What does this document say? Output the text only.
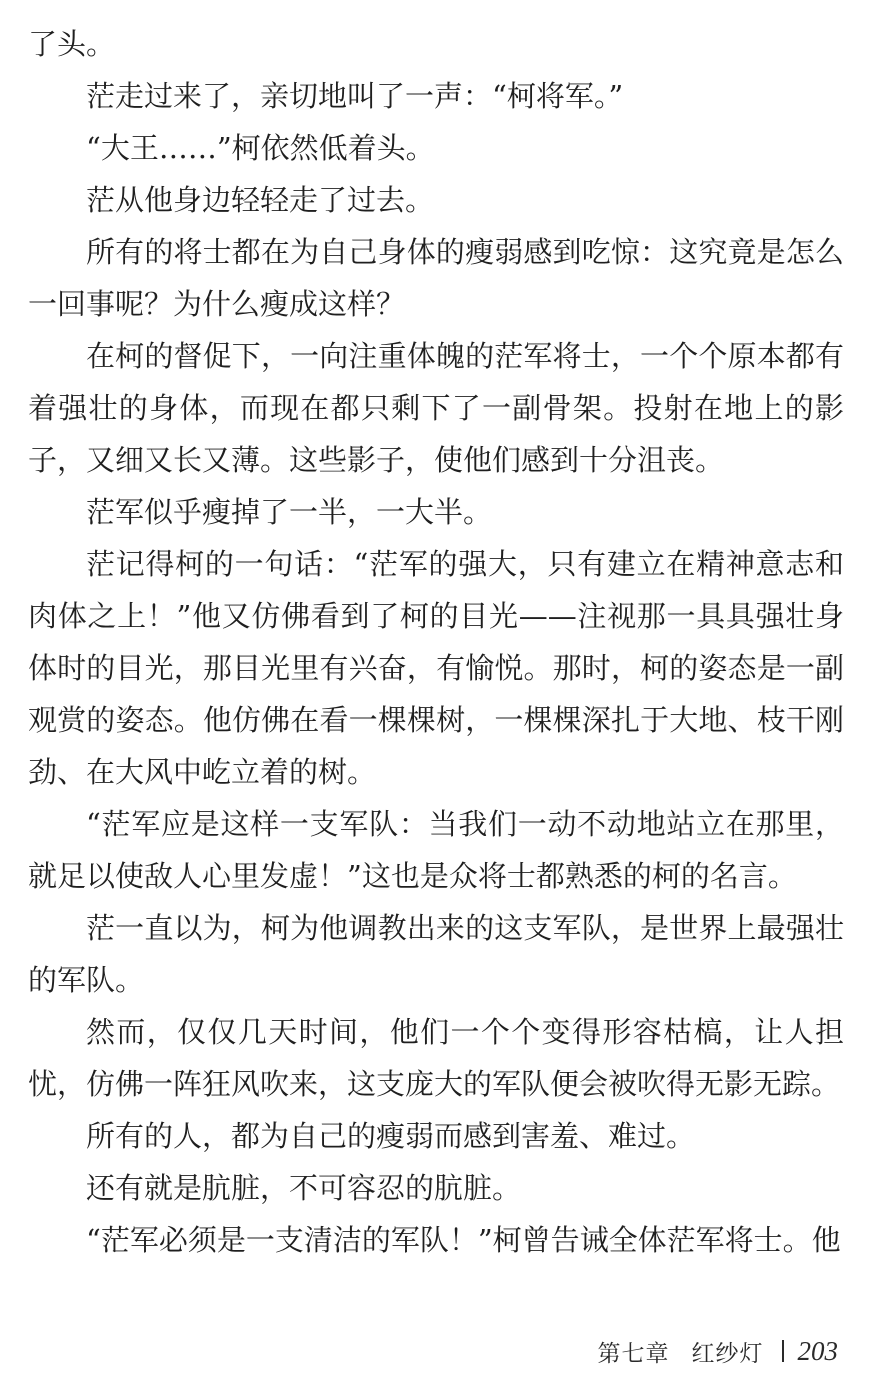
了头。

茫走过来了，亲切地叫了一声：“柯将军。”

“大王……”柯依然低着头。

茫从他身边轻轻走了过去。

所有的将士都在为自己身体的瘦弱感到吃惊：这究竟是怎么一回事呢？为什么瘦成这样？

在柯的督促下，一向注重体魄的茫军将士，一个个原本都有着强壮的身体，而现在都只剩下了一副骨架。投射在地上的影子，又细又长又薄。这些影子，使他们感到十分沮丧。

茫军似乎瘦掉了一半，一大半。

茫记得柯的一句话：“茫军的强大，只有建立在精神意志和肉体之上！”他又仿佛看到了柯的目光——注视那一具具强壮身体时的目光，那目光里有兴奋，有愉悦。那时，柯的姿态是一副观赏的姿态。他仿佛在看一棵棵树，一棵棵深扎于大地、枝干刚劲、在大风中屹立着的树。

“茫军应是这样一支军队：当我们一动不动地站立在那里，就足以使敌人心里发虚！”这也是众将士都熟悉的柯的名言。

茫一直以为，柯为他调教出来的这支军队，是世界上最强壮的军队。

然而，仅仅几天时间，他们一个个变得形容枯槁，让人担忧，仿佛一阵狂风吹来，这支庞大的军队便会被吹得无影无踪。

所有的人，都为自己的瘦弱而感到害羞、难过。

还有就是肮脏，不可容忍的肮脏。

“茫军必须是一支清洁的军队！”柯曾告诫全体茫军将士。他

第七章 红纱灯 203
